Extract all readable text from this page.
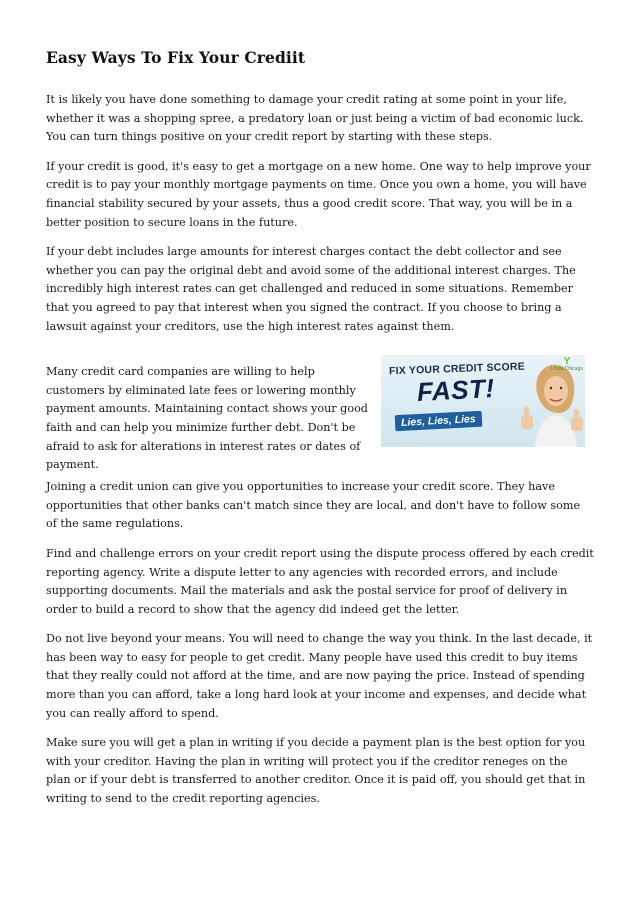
Easy Ways To Fix Your Crediit

It is likely you have done something to damage your credit rating at some point in your life, whether it was a shopping spree, a predatory loan or just being a victim of bad economic luck. You can turn things positive on your credit report by starting with these steps.

If your credit is good, it's easy to get a mortgage on a new home. One way to help improve your credit is to pay your monthly mortgage payments on time. Once you own a home, you will have financial stability secured by your assets, thus a good credit score. That way, you will be in a better position to secure loans in the future.

If your debt includes large amounts for interest charges contact the debt collector and see whether you can pay the original debt and avoid some of the additional interest charges. The incredibly high interest rates can get challenged and reduced in some situations. Remember that you agreed to pay that interest when you signed the contract. If you choose to bring a lawsuit against your creditors, use the high interest rates against them.

Many credit card companies are willing to help customers by eliminated late fees or lowering monthly payment amounts. Maintaining contact shows your good faith and can help you minimize further debt. Don't be afraid to ask for alterations in interest rates or dates of payment.

FIX YOUR CREDIT SCORE
FAST!
Lies, Lies, Lies
Y
Linda Chicago

Joining a credit union can give you opportunities to increase your credit score. They have opportunities that other banks can't match since they are local, and don't have to follow some of the same regulations.

Find and challenge errors on your credit report using the dispute process offered by each credit reporting agency. Write a dispute letter to any agencies with recorded errors, and include supporting documents. Mail the materials and ask the postal service for proof of delivery in order to build a record to show that the agency did indeed get the letter.

Do not live beyond your means. You will need to change the way you think. In the last decade, it has been way to easy for people to get credit. Many people have used this credit to buy items that they really could not afford at the time, and are now paying the price. Instead of spending more than you can afford, take a long hard look at your income and expenses, and decide what you can really afford to spend.

Make sure you will get a plan in writing if you decide a payment plan is the best option for you with your creditor. Having the plan in writing will protect you if the creditor reneges on the plan or if your debt is transferred to another creditor. Once it is paid off, you should get that in writing to send to the credit reporting agencies.
